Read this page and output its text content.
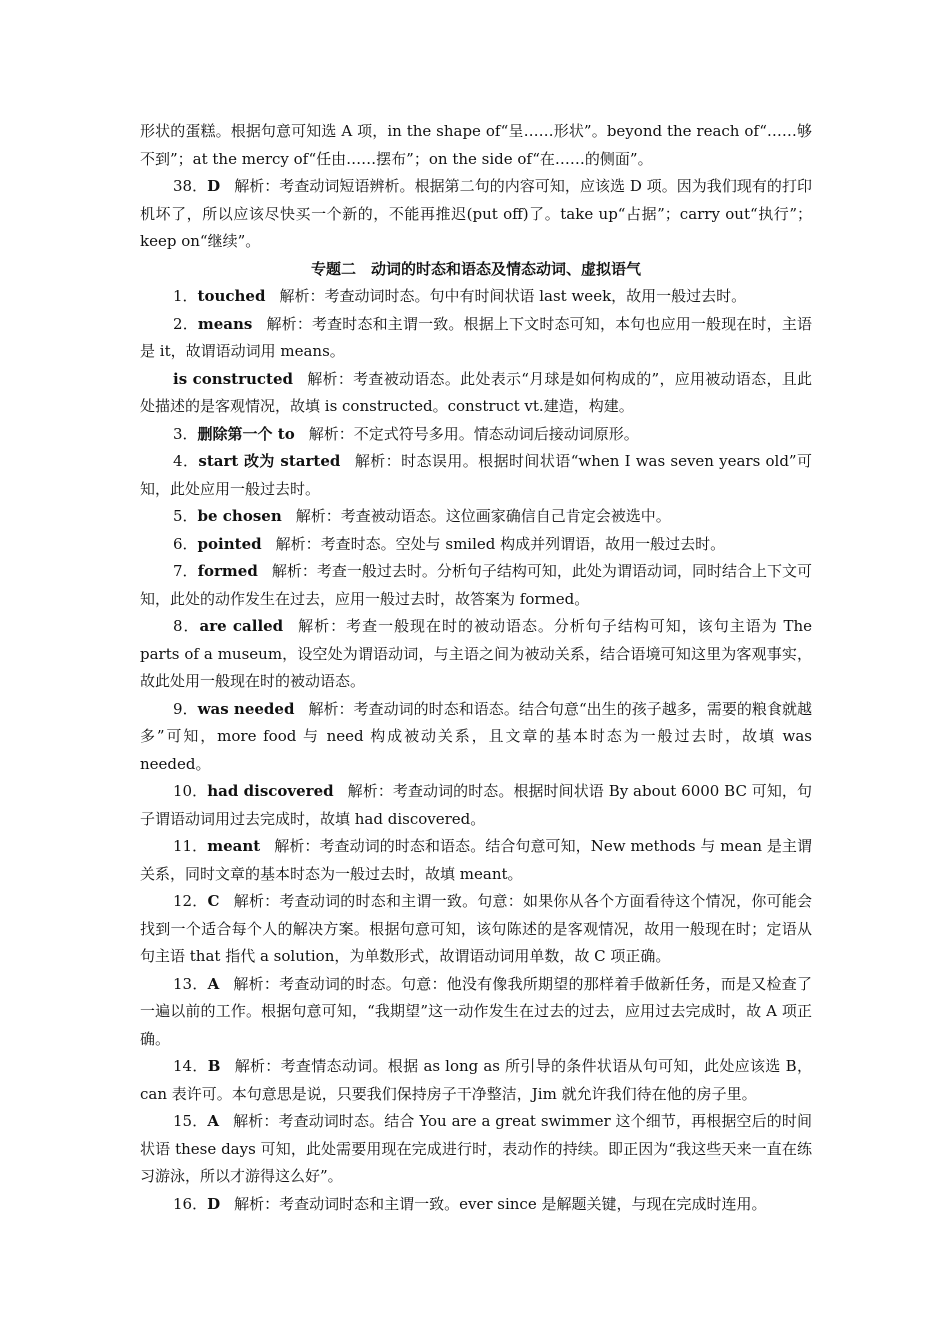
形状的蛋糕。根据句意可知选 A 项，in the shape of“呈……形状”。beyond the reach of“……够不到”；at the mercy of“任由……摆布”；on the side of“在……的侧面”。

38．D 解析：考查动词短语辨析。根据第二句的内容可知，应该选 D 项。因为我们现有的打印机坏了，所以应该尽快买一个新的，不能再推迟(put off)了。take up“占据”；carry out“执行”；keep on“继续”。

专题二　动词的时态和语态及情态动词、虚拟语气

1．touched 解析：考查动词时态。句中有时间状语 last week，故用一般过去时。

2．means 解析：考查时态和主谓一致。根据上下文时态可知，本句也应用一般现在时，主语是 it，故谓语动词用 means。

is constructed 解析：考查被动语态。此处表示“月球是如何构成的”，应用被动语态，且此处描述的是客观情况，故填 is constructed。construct vt.建造，构建。

3．删除第一个 to 解析：不定式符号多用。情态动词后接动词原形。

4．start 改为 started 解析：时态误用。根据时间状语“when I was seven years old”可知，此处应用一般过去时。

5．be chosen 解析：考查被动语态。这位画家确信自己肯定会被选中。

6．pointed 解析：考查时态。空处与 smiled 构成并列谓语，故用一般过去时。

7．formed 解析：考查一般过去时。分析句子结构可知，此处为谓语动词，同时结合上下文可知，此处的动作发生在过去，应用一般过去时，故答案为 formed。

8．are called 解析：考查一般现在时的被动语态。分析句子结构可知，该句主语为 The parts of a museum，设空处为谓语动词，与主语之间为被动关系，结合语境可知这里为客观事实，故此处用一般现在时的被动语态。

9．was needed 解析：考查动词的时态和语态。结合句意“出生的孩子越多，需要的粮食就越多”可知，more food 与 need 构成被动关系，且文章的基本时态为一般过去时，故填 was needed。

10．had discovered 解析：考查动词的时态。根据时间状语 By about 6000 BC 可知，句子谓语动词用过去完成时，故填 had discovered。

11．meant 解析：考查动词的时态和语态。结合句意可知，New methods 与 mean 是主谓关系，同时文章的基本时态为一般过去时，故填 meant。

12．C 解析：考查动词的时态和主谓一致。句意：如果你从各个方面看待这个情况，你可能会找到一个适合每个人的解决方案。根据句意可知，该句陈述的是客观情况，故用一般现在时；定语从句主语 that 指代 a solution，为单数形式，故谓语动词用单数，故 C 项正确。

13．A 解析：考查动词的时态。句意：他没有像我所期望的那样着手做新任务，而是又检查了一遍以前的工作。根据句意可知，“我期望”这一动作发生在过去的过去，应用过去完成时，故 A 项正确。

14．B 解析：考查情态动词。根据 as long as 所引导的条件状语从句可知，此处应该选 B，can 表许可。本句意思是说，只要我们保持房子干净整洁，Jim 就允许我们待在他的房子里。

15．A 解析：考查动词时态。结合 You are a great swimmer 这个细节，再根据空后的时间状语 these days 可知，此处需要用现在完成进行时，表动作的持续。即正因为“我这些天来一直在练习游泳，所以才游得这么好”。

16．D 解析：考查动词时态和主谓一致。ever since 是解题关键，与现在完成时连用。
